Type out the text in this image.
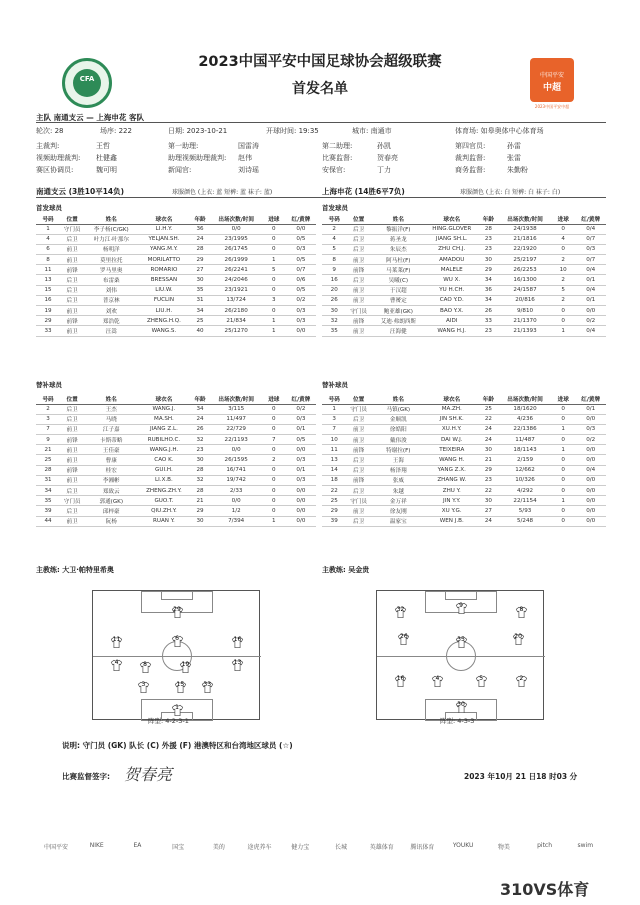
CFA	中国平安
中超
2023中国平安中超
2023中国平安中国足球协会超级联赛
首发名单
主队 南通支云 — 上海申花 客队
轮次: 28	场序: 222	日期: 2023-10-21	开球时间: 19:35	城市: 南通市	体育场: 如皋奥体中心体育场
主裁判:	王哲	第一助理:	国雷涛	第二助理:	孙凯	第四官员:	孙雷
视频助理裁判: 杜健鑫	助理视频助理裁判: 赵伟	比赛监督:	贺春亮	裁判监督:	张雷
赛区协调员:	魏可明	新闻官:	刘诗瑶	安保官:	丁力	商务监督:	朱勤粉
南通支云 (3胜10平14负)	球服颜色 (上衣: 蓝 短裤: 蓝 袜子: 蓝)	上海申花 (14胜6平7负)	球服颜色 (上衣: 白 短裤: 白 袜子: 白)
首发球员	首发球员
号码	位置	姓名	球衣名	年龄	出场次数/时间	进球	红/黄牌
1	守门员	李子杨(C/GK)	LI.H.Y.	36	0/0	0	0/0
4	后卫	叶力江·叶那尔	YELJAN.SH.	24	23/1995	0	0/5
6	前卫	杨明洋	YANG.M.Y.	28	26/1745	0	0/3
8	前卫	莫里拉托	MORILATTO	29	26/1999	1	0/5
11	前锋	罗马里奥	ROMARIO	27	26/2241	5	0/7
13	后卫	布雷桑	BRESSAN	30	24/2046	0	0/6
15	后卫	刘伟	LIU.W.	35	23/1921	0	0/5
16	后卫	普京林	FUCLIN	31	13/724	3	0/2
19	前卫	刘欢	LIU.H.	34	26/2180	0	0/3
29	前锋	郑浩乾	ZHENG.H.Q.	25	21/834	1	0/3
33	前卫	汪嵩	WANG.S.	40	25/1270	1	0/0
号码	位置	姓名	球衣名	年龄	出场次数/时间	进球	红/黄牌
2	后卫	黎振洋(F)	HING.GLOVER	28	24/1938	0	0/4
4	后卫	蒋圣龙	JIANG SH.L.	23	21/1816	4	0/7
5	后卫	朱辰杰	ZHU CH.J.	23	22/1920	0	0/3
8	前卫	阿马杜(F)	AMADOU	30	25/2197	2	0/7
9	前锋	马莱莱(F)	MALELE	29	26/2253	10	0/4
16	后卫	吴曦(C)	WU X.	34	16/1300	2	0/1
20	前卫	于汉超	YU H.CH.	36	24/1587	5	0/4
26	前卫	曹赟定	CAO Y.D.	34	20/816	2	0/1
30	守门员	鲍亚雄(GK)	BAO Y.X.	26	9/810	0	0/0
32	前锋	艾迪·弗朗西斯	AIDI	33	21/1370	0	0/2
35	前卫	汪海健	WANG H.J.	23	21/1393	1	0/4
替补球员	替补球员
号码	位置	姓名	球衣名	年龄	出场次数/时间	进球	红/黄牌
2	后卫	王杰	WANG.J.	34	3/115	0	0/2
3	后卫	马晓	MA.SH.	24	11/497	0	0/3
7	前卫	江子嘉	JIANG Z.L.	26	22/729	0	0/1
9	前锋	卡斯蒂略	RUBILHO.C.	32	22/1193	7	0/5
21	前卫	王佳豪	WANG.J.H.	23	0/0	0	0/0
25	前卫	曹康	CAO K.	30	26/1595	2	0/3
28	前锋	桂宏	GUI.H.	28	16/741	0	0/1
31	前卫	李湘彬	LI.X.B.	32	19/742	0	0/3
34	后卫	郑致云	ZHENG.ZH.Y.	28	2/33	0	0/0
35	守门员	郭通(GK)	GUO.T.	21	0/0	0	0/0
39	后卫	邱梓豪	QIU.ZH.Y.	29	1/2	0	0/0
44	前卫	阮杨	RUAN Y.	30	7/394	1	0/0
号码	位置	姓名	球衣名	年龄	出场次数/时间	进球	红/黄牌
1	守门员	马镇(GK)	MA.ZH.	25	18/1620	0	0/1
3	后卫	金顺凯	JIN SH.K.	22	4/236	0	0/0
7	前卫	徐皓阳	XU.H.Y.	24	22/1386	1	0/3
10	前卫	戴伟浚	DAI W.J.	24	11/487	0	0/2
11	前锋	特谢拉(F)	TEIXEIRA	30	18/1143	1	0/0
13	后卫	王海	WANG H.	21	2/159	0	0/0
14	后卫	杨泽翔	YANG Z.X.	29	12/662	0	0/4
18	前锋	张威	ZHANG W.	23	10/326	0	0/0
22	后卫	朱越	ZHU Y.	22	4/292	0	0/0
25	守门员	金万祥	JIN Y.Y.	30	22/1154	1	0/0
29	前卫	徐友刚	XU Y.G.	27	5/93	0	0/0
39	后卫	温家宝	WEN J.B.	24	5/248	0	0/0
主教练: 大卫·帕特里希奥	主教练: 吴金贵
1
3	15	33
4	8	19	13
11	6	16
29
30
16	4	5	2
26	35	20
32
9
8
阵型: 4-2-3-1	阵型: 4-3-3
说明: 守门员 (GK) 队长 (C) 外援 (F) 港澳特区和台湾地区球员 (☆)
比赛监督签字: 贺春亮	2023 年10月 21 日18 时03 分
中国平安	NIKE	EA	国宝	美的	途虎养车	健力宝	长城	英雄体育	腾讯体育	YOUKU	物美	pitch	swim
310VS体育
